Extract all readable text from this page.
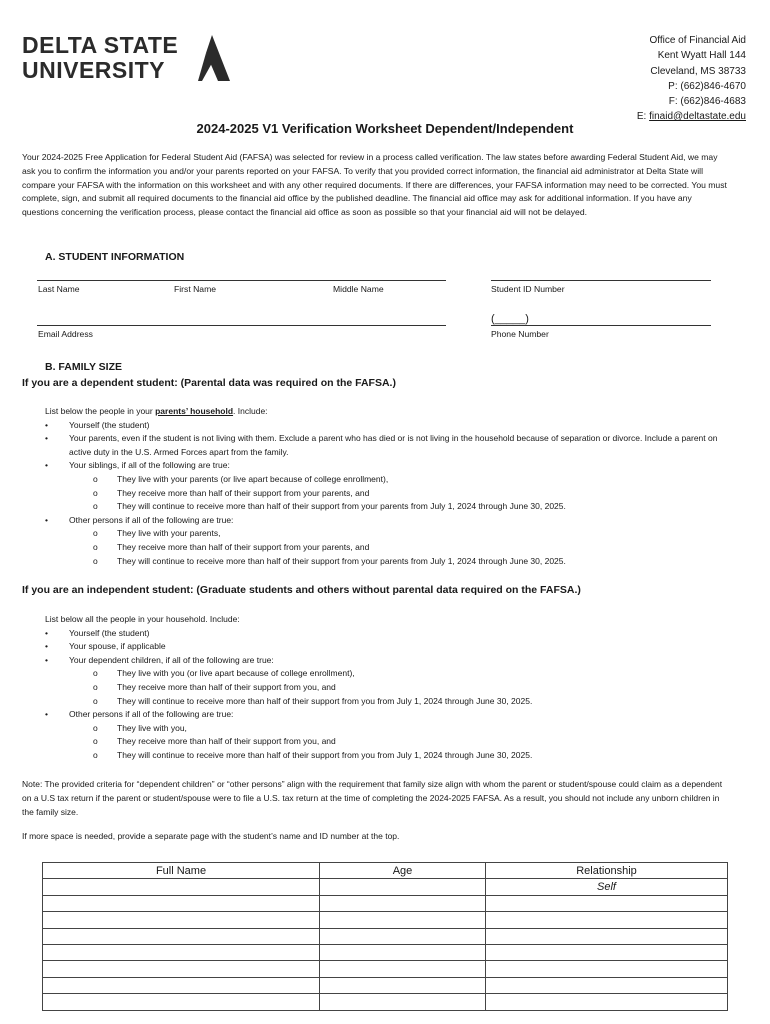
DELTA STATE
UNIVERSITY
Office of Financial Aid
Kent Wyatt Hall 144
Cleveland, MS 38733
P: (662)846-4670
F: (662)846-4683
E: finaid@deltastate.edu
2024-2025 V1 Verification Worksheet Dependent/Independent
Your 2024-2025 Free Application for Federal Student Aid (FAFSA) was selected for review in a process called verification. The law states before awarding Federal Student Aid, we may ask you to confirm the information you and/or your parents reported on your FAFSA. To verify that you provided correct information, the financial aid administrator at Delta State will compare your FAFSA with the information on this worksheet and with any other required documents. If there are differences, your FAFSA information may need to be corrected. You must complete, sign, and submit all required documents to the financial aid office by the published deadline. The financial aid office may ask for additional information. If you have any questions concerning the verification process, please contact the financial aid office as soon as possible so that your financial aid will not be delayed.
A. STUDENT INFORMATION
Last Name	First Name	Middle Name	Student ID Number
(_____)
Email Address	Phone Number
B. FAMILY SIZE
If you are a dependent student: (Parental data was required on the FAFSA.)
List below the people in your parents’ household. Include:
• Yourself (the student)
• Your parents, even if the student is not living with them. Exclude a parent who has died or is not living in the household because of separation or divorce. Include a parent on active duty in the U.S. Armed Forces apart from the family.
• Your siblings, if all of the following are true:
o They live with your parents (or live apart because of college enrollment),
o They receive more than half of their support from your parents, and
o They will continue to receive more than half of their support from your parents from July 1, 2024 through June 30, 2025.
• Other persons if all of the following are true:
o They live with your parents,
o They receive more than half of their support from your parents, and
o They will continue to receive more than half of their support from your parents from July 1, 2024 through June 30, 2025.
If you are an independent student: (Graduate students and others without parental data required on the FAFSA.)
List below all the people in your household. Include:
• Yourself (the student)
• Your spouse, if applicable
• Your dependent children, if all of the following are true:
o They live with you (or live apart because of college enrollment),
o They receive more than half of their support from you, and
o They will continue to receive more than half of their support from you from July 1, 2024 through June 30, 2025.
• Other persons if all of the following are true:
o They live with you,
o They receive more than half of their support from you, and
o They will continue to receive more than half of their support from you from July 1, 2024 through June 30, 2025.
Note: The provided criteria for “dependent children” or “other persons” align with the requirement that family size align with whom the parent or student/spouse could claim as a dependent on a U.S tax return if the parent or student/spouse were to file a U.S. tax return at the time of completing the 2024-2025 FAFSA. As a result, you should not include any unborn children in the family size.
If more space is needed, provide a separate page with the student’s name and ID number at the top.
Full Name	Age	Relationship
		Self
